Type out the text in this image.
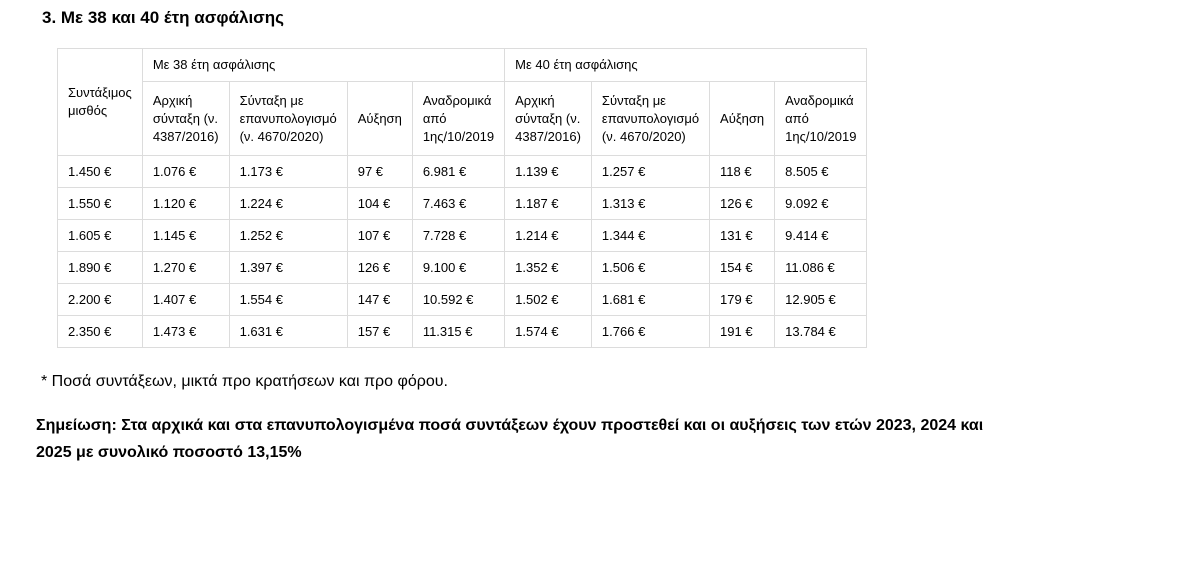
3. Με 38 και 40 έτη ασφάλισης
Συντάξιμος μισθός	Με 38 έτη ασφάλισης				Με 40 έτη ασφάλισης			
	Αρχική σύνταξη (ν. 4387/2016)	Σύνταξη με επανυπολογισμό (ν. 4670/2020)	Αύξηση	Αναδρομικά από 1ης/10/2019	Αρχική σύνταξη (ν. 4387/2016)	Σύνταξη με επανυπολογισμό (ν. 4670/2020)	Αύξηση	Αναδρομικά από 1ης/10/2019
1.450 €	1.076 €	1.173 €	97 €	6.981 €	1.139 €	1.257 €	118 €	8.505 €
1.550 €	1.120 €	1.224 €	104 €	7.463 €	1.187 €	1.313 €	126 €	9.092 €
1.605 €	1.145 €	1.252 €	107 €	7.728 €	1.214 €	1.344 €	131 €	9.414 €
1.890 €	1.270 €	1.397 €	126 €	9.100 €	1.352 €	1.506 €	154 €	11.086 €
2.200 €	1.407 €	1.554 €	147 €	10.592 €	1.502 €	1.681 €	179 €	12.905 €
2.350 €	1.473 €	1.631 €	157 €	11.315 €	1.574 €	1.766 €	191 €	13.784 €

* Ποσά συντάξεων, μικτά προ κρατήσεων και προ φόρου.

Σημείωση: Στα αρχικά και στα επανυπολογισμένα ποσά συντάξεων έχουν προστεθεί και οι αυξήσεις των ετών 2023, 2024 και 2025 με συνολικό ποσοστό 13,15%
